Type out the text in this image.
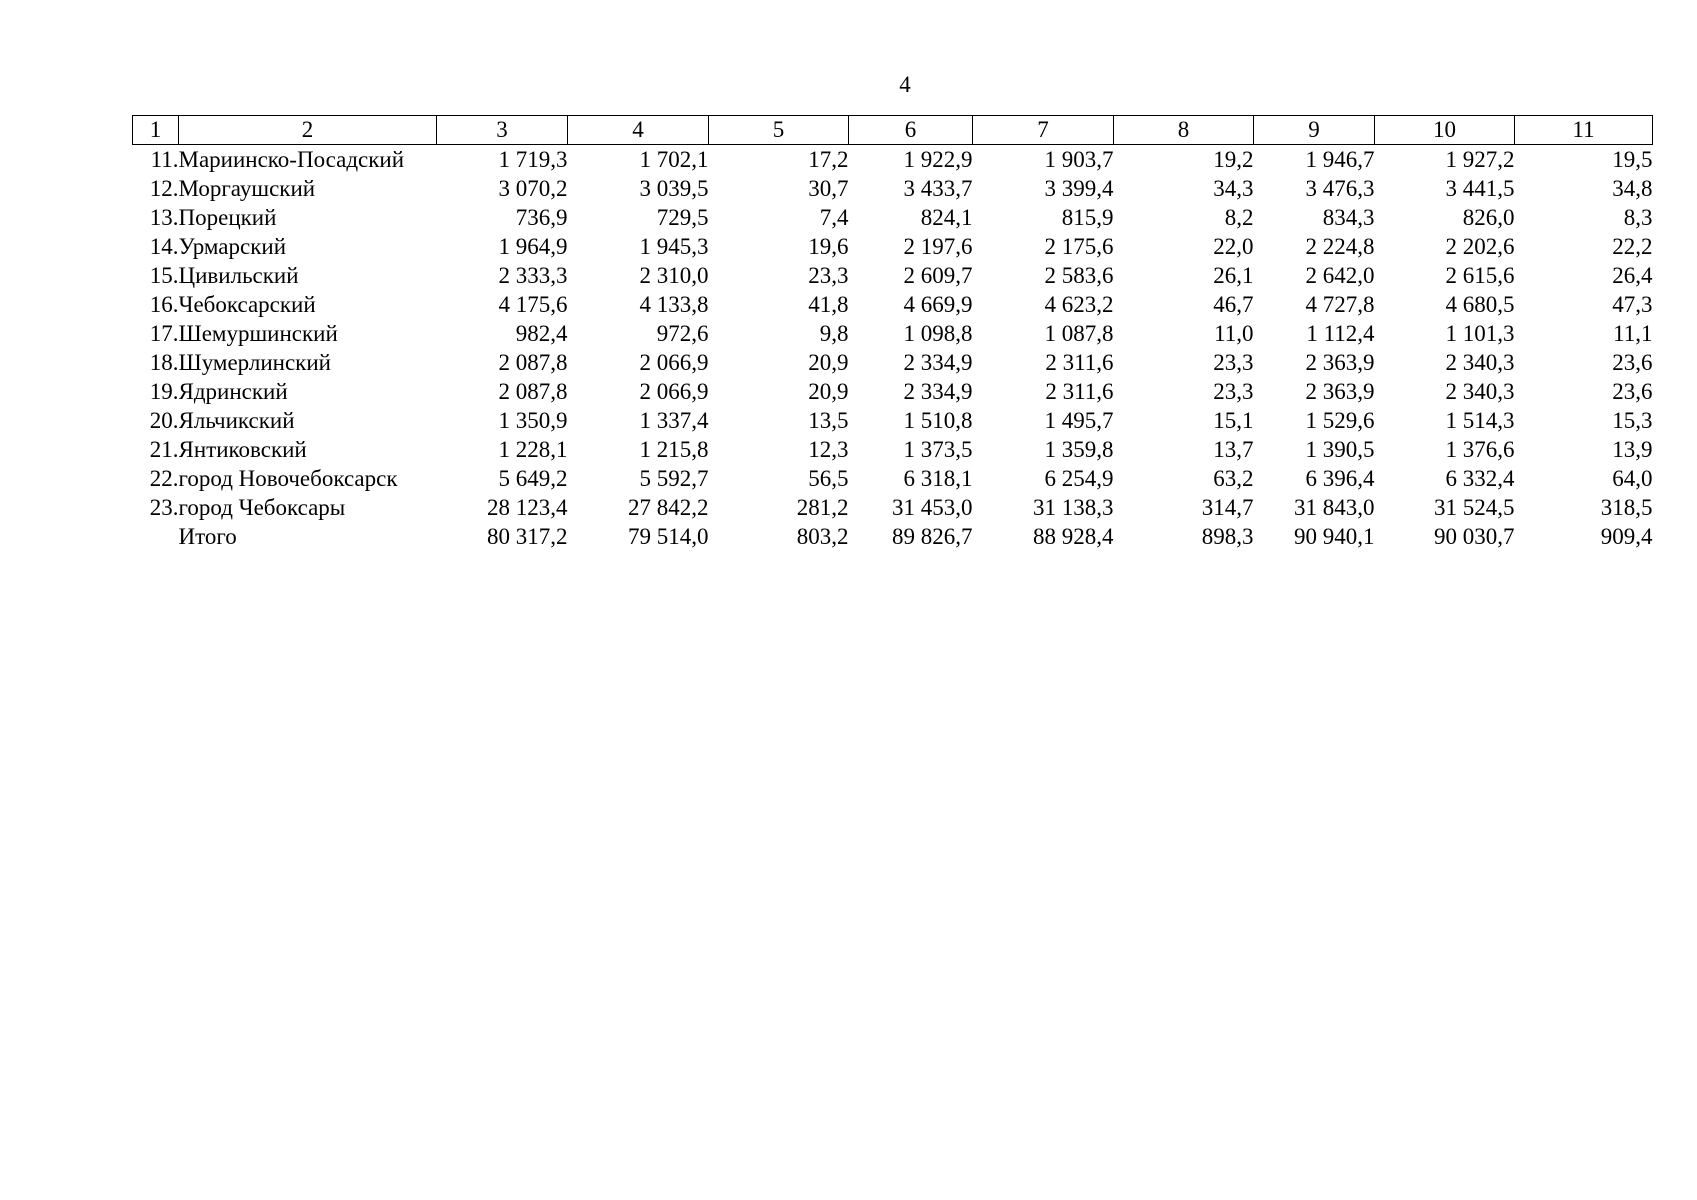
4
1	2	3	4	5	6	7	8	9	10	11
11.	Мариинско-Посадский	1 719,3	1 702,1	17,2	1 922,9	1 903,7	19,2	1 946,7	1 927,2	19,5
12.	Моргаушский	3 070,2	3 039,5	30,7	3 433,7	3 399,4	34,3	3 476,3	3 441,5	34,8
13.	Порецкий	736,9	729,5	7,4	824,1	815,9	8,2	834,3	826,0	8,3
14.	Урмарский	1 964,9	1 945,3	19,6	2 197,6	2 175,6	22,0	2 224,8	2 202,6	22,2
15.	Цивильский	2 333,3	2 310,0	23,3	2 609,7	2 583,6	26,1	2 642,0	2 615,6	26,4
16.	Чебоксарский	4 175,6	4 133,8	41,8	4 669,9	4 623,2	46,7	4 727,8	4 680,5	47,3
17.	Шемуршинский	982,4	972,6	9,8	1 098,8	1 087,8	11,0	1 112,4	1 101,3	11,1
18.	Шумерлинский	2 087,8	2 066,9	20,9	2 334,9	2 311,6	23,3	2 363,9	2 340,3	23,6
19.	Ядринский	2 087,8	2 066,9	20,9	2 334,9	2 311,6	23,3	2 363,9	2 340,3	23,6
20.	Яльчикский	1 350,9	1 337,4	13,5	1 510,8	1 495,7	15,1	1 529,6	1 514,3	15,3
21.	Янтиковский	1 228,1	1 215,8	12,3	1 373,5	1 359,8	13,7	1 390,5	1 376,6	13,9
22.	город Новочебоксарск	5 649,2	5 592,7	56,5	6 318,1	6 254,9	63,2	6 396,4	6 332,4	64,0
23.	город Чебоксары	28 123,4	27 842,2	281,2	31 453,0	31 138,3	314,7	31 843,0	31 524,5	318,5
	Итого	80 317,2	79 514,0	803,2	89 826,7	88 928,4	898,3	90 940,1	90 030,7	909,4
